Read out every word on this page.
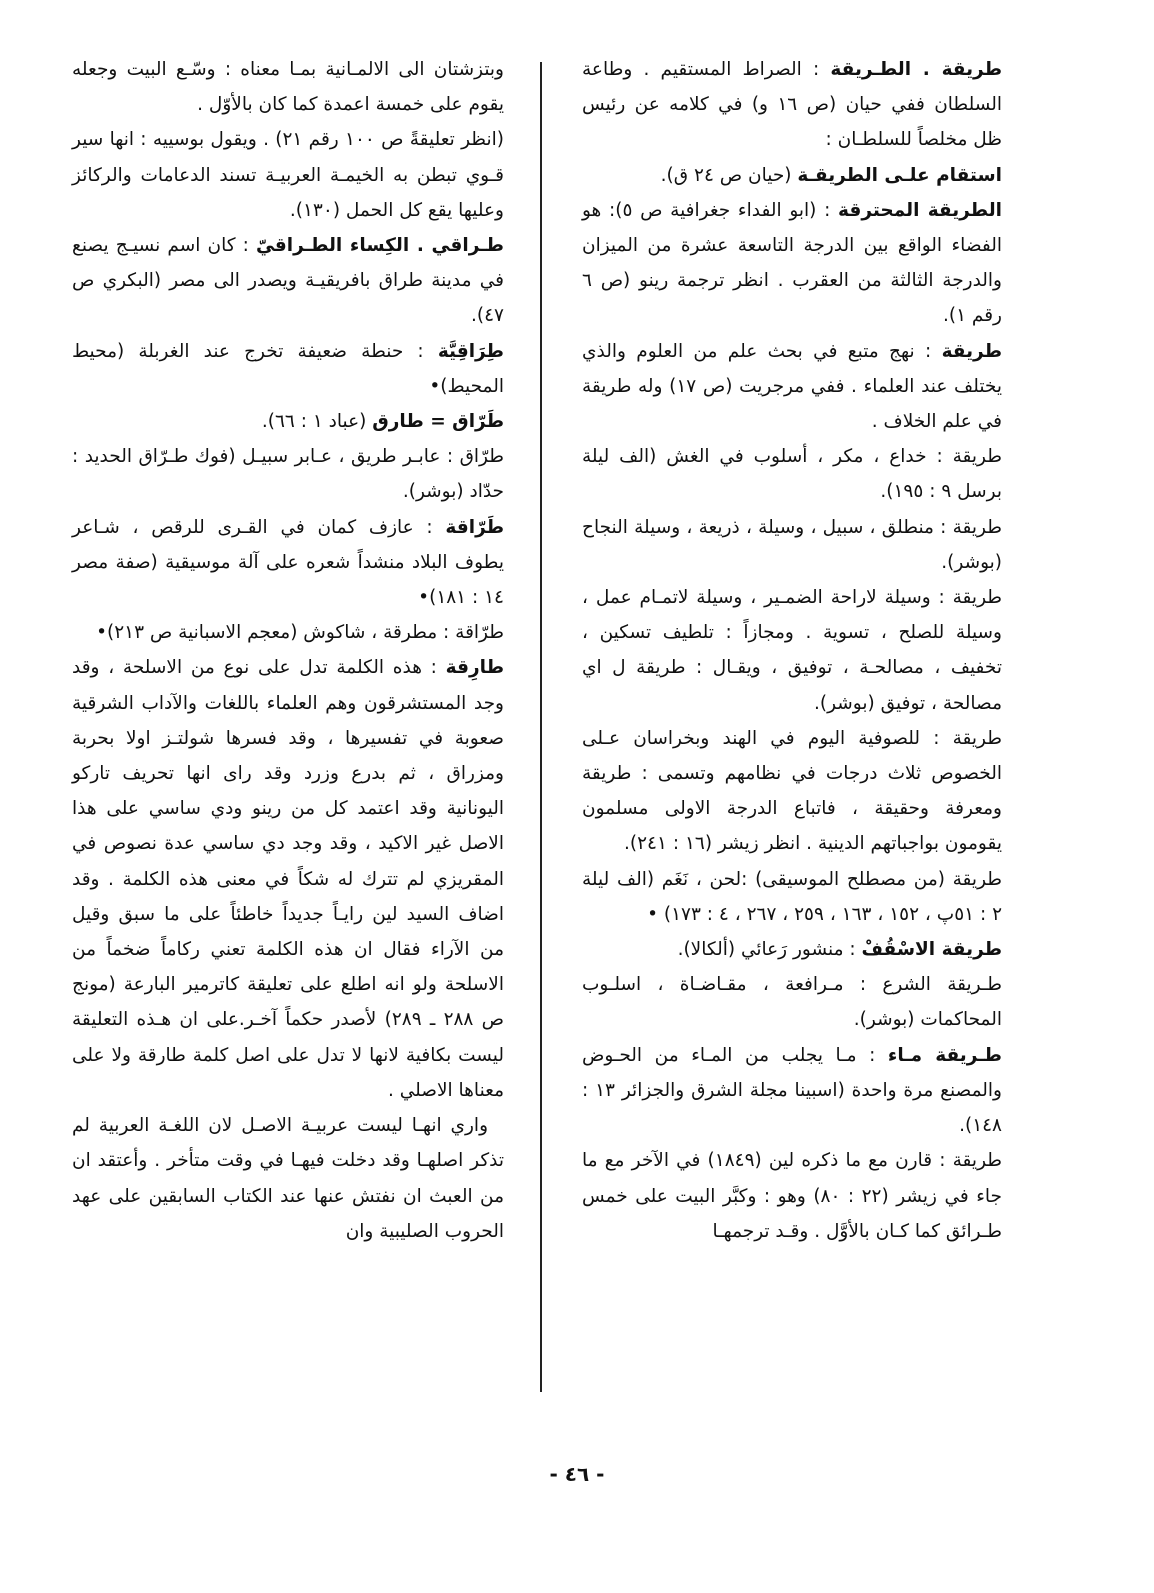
طريقة . الطـريقة : الصراط المستقيم . وطاعة السلطان ففي حيان (ص ١٦ و) في كلامه عن رئيس ظل مخلصاً للسلطـان :

استقام علـى الطريقـة (حيان ص ٢٤ ق).

الطريقة المحترقة : (ابو الفداء جغرافية ص ٥): هو الفضاء الواقع بين الدرجة التاسعة عشرة من الميزان والدرجة الثالثة من العقرب . انظر ترجمة رينو (ص ٦ رقم ١).

طريقة : نهج متبع في بحث علم من العلوم والذي يختلف عند العلماء . ففي مرجريت (ص ١٧) وله طريقة في علم الخلاف .

طريقة : خداع ، مكر ، أسلوب في الغش (الف ليلة برسل ٩ : ١٩٥).

طريقة : منطلق ، سبيل ، وسيلة ، ذريعة ، وسيلة النجاح (بوشر).

طريقة : وسيلة لاراحة الضمـير ، وسيلة لاتمـام عمل ، وسيلة للصلح ، تسوية . ومجازاً : تلطيف تسكين ، تخفيف ، مصالحـة ، توفيق ، ويقـال : طريقة ل اي مصالحة ، توفيق (بوشر).

طريقة : للصوفية اليوم في الهند وبخراسان عـلى الخصوص ثلاث درجات في نظامهم وتسمى : طريقة ومعرفة وحقيقة ، فاتباع الدرجة الاولى مسلمون يقومون بواجباتهم الدينية . انظر زيشر (١٦ : ٢٤١).

طريقة (من مصطلح الموسيقى) :لحن ، نَغَم (الف ليلة ٢ : ٥١پ ، ١٥٢ ، ١٦٣ ، ٢٥٩ ، ٢٦٧ ، ٤ : ١٧٣) •

طريقة الاسْقُفْ : منشور رَعائي (ألكالا).

طـريقة الشرع : مـرافعة ، مقـاضـاة ، اسلـوب المحاكمات (بوشر).

طـريقة مـاء : مـا يجلب من المـاء من الحـوض والمصنع مرة واحدة (اسبينا مجلة الشرق والجزائر ١٣ : ١٤٨).

طريقة : قارن مع ما ذكره لين (١٨٤٩) في الآخر مع ما جاء في زيشر (٢٢ : ٨٠) وهو : وكبَّر البيت على خمس طـرائق كما كـان بالأوَّل . وقـد ترجمهـا

وبتزشتان الى الالمـانية بمـا معناه : وسّـع البيت وجعله يقوم على خمسة اعمدة كما كان بالأوّل .

(انظر تعليقةً ص ١٠٠ رقم ٢١) . ويقول بوسييه : انها سير قـوي تبطن به الخيمـة العربيـة تسند الدعامات والركائز وعليها يقع كل الحمل (١٣٠).

طـراقي . الكِساء الطـراقيّ : كان اسم نسيـج يصنع في مدينة طراق بافريقيـة ويصدر الى مصر (البكري ص ٤٧).

طِرَاقِيَّة : حنطة ضعيفة تخرج عند الغربلة (محيط المحيط)•

طَرّاق = طارق (عباد ١ : ٦٦).

طرّاق : عابـر طريق ، عـابر سبيـل (فوك طـرّاق الحديد : حدّاد (بوشر).

طَرّاقة : عازف كمان في القـرى للرقص ، شـاعر يطوف البلاد منشداً شعره على آلة موسيقية (صفة مصر ١٤ : ١٨١)•

طرّاقة : مطرقة ، شاكوش (معجم الاسبانية ص ٢١٣)•

طارِقة : هذه الكلمة تدل على نوع من الاسلحة ، وقد وجد المستشرقون وهم العلماء باللغات والآداب الشرقية صعوبة في تفسيرها ، وقد فسرها شولتـز اولا بحربة ومزراق ، ثم بدرع وزرد وقد راى انها تحريف تاركو اليونانية وقد اعتمد كل من رينو ودي ساسي على هذا الاصل غير الاكيد ، وقد وجد دي ساسي عدة نصوص في المقريزي لم تترك له شكاً في معنى هذه الكلمة . وقد اضاف السيد لين رايـاً جديداً خاطئاً على ما سبق وقيل من الآراء فقال ان هذه الكلمة تعني ركاماً ضخماً من الاسلحة ولو انه اطلع على تعليقة كاترمير البارعة (مونج ص ٢٨٨ ـ ٢٨٩) لأصدر حكماً آخـر.على ان هـذه التعليقة ليست بكافية لانها لا تدل على اصل كلمة طارقة ولا على معناها الاصلي .

واري انهـا ليست عربيـة الاصـل لان اللغـة العربية لم تذكر اصلهـا وقد دخلت فيهـا في وقت متأخر . وأعتقد ان من العبث ان نفتش عنها عند الكتاب السابقين على عهد الحروب الصليبية وان

- ٤٦ -
